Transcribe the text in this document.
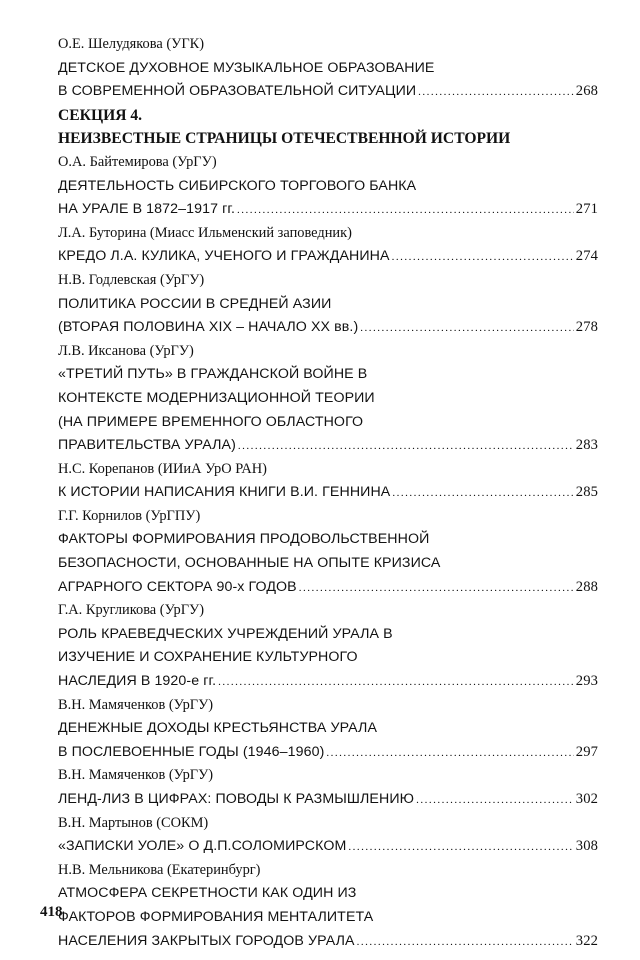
О.Е. Шелудякова (УГК)
ДЕТСКОЕ ДУХОВНОЕ МУЗЫКАЛЬНОЕ ОБРАЗОВАНИЕ
В СОВРЕМЕННОЙ ОБРАЗОВАТЕЛЬНОЙ СИТУАЦИИ .....	268
СЕКЦИЯ 4.
НЕИЗВЕСТНЫЕ СТРАНИЦЫ ОТЕЧЕСТВЕННОЙ ИСТОРИИ
О.А. Байтемирова (УрГУ)
ДЕЯТЕЛЬНОСТЬ СИБИРСКОГО ТОРГОВОГО БАНКА
НА УРАЛЕ В 1872–1917 гг. .....	271
Л.А. Буторина (Миасс Ильменский заповедник)
КРЕДО Л.А. КУЛИКА, УЧЕНОГО И ГРАЖДАНИНА .....	274
Н.В. Годлевская (УрГУ)
ПОЛИТИКА РОССИИ В СРЕДНЕЙ АЗИИ
(ВТОРАЯ ПОЛОВИНА XIX – НАЧАЛО XX вв.) .....	278
Л.В. Иксанова (УрГУ)
«ТРЕТИЙ ПУТЬ» В ГРАЖДАНСКОЙ ВОЙНЕ В
КОНТЕКСТЕ МОДЕРНИЗАЦИОННОЙ ТЕОРИИ
(НА ПРИМЕРЕ ВРЕМЕННОГО ОБЛАСТНОГО
ПРАВИТЕЛЬСТВА УРАЛА) .....	283
Н.С. Корепанов (ИИиА УрО РАН)
К ИСТОРИИ НАПИСАНИЯ КНИГИ В.И. ГЕННИНА .....	285
Г.Г. Корнилов (УрГПУ)
ФАКТОРЫ ФОРМИРОВАНИЯ ПРОДОВОЛЬСТВЕННОЙ
БЕЗОПАСНОСТИ, ОСНОВАННЫЕ НА ОПЫТЕ КРИЗИСА
АГРАРНОГО СЕКТОРА 90-х ГОДОВ .....	288
Г.А. Кругликова (УрГУ)
РОЛЬ КРАЕВЕДЧЕСКИХ УЧРЕЖДЕНИЙ УРАЛА В
ИЗУЧЕНИЕ И СОХРАНЕНИЕ КУЛЬТУРНОГО
НАСЛЕДИЯ В 1920-е гг. .....	293
В.Н. Мамяченков (УрГУ)
ДЕНЕЖНЫЕ ДОХОДЫ КРЕСТЬЯНСТВА УРАЛА
В ПОСЛЕВОЕННЫЕ ГОДЫ (1946–1960) .....	297
В.Н. Мамяченков (УрГУ)
ЛЕНД-ЛИЗ В ЦИФРАХ: ПОВОДЫ К РАЗМЫШЛЕНИЮ .....	302
В.Н. Мартынов (СОКМ)
«ЗАПИСКИ УОЛЕ» О Д.П.СОЛОМИРСКОМ .....	308
Н.В. Мельникова (Екатеринбург)
АТМОСФЕРА СЕКРЕТНОСТИ КАК ОДИН ИЗ
ФАКТОРОВ ФОРМИРОВАНИЯ МЕНТАЛИТЕТА
НАСЕЛЕНИЯ ЗАКРЫТЫХ ГОРОДОВ УРАЛА .....	322
418
